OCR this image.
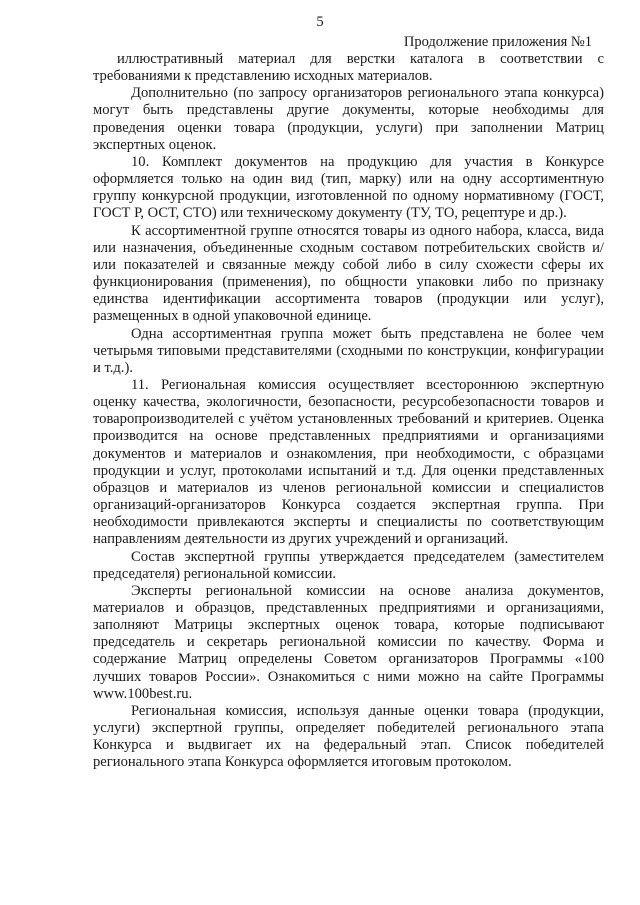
5
Продолжение приложения №1

иллюстративный материал для верстки каталога в соответствии с требованиями к представлению исходных материалов.

Дополнительно (по запросу организаторов регионального этапа конкурса) могут быть представлены другие документы, которые необходимы для проведения оценки товара (продукции, услуги) при заполнении Матриц экспертных оценок.

10. Комплект документов на продукцию для участия в Конкурсе оформляется только на один вид (тип, марку) или на одну ассортиментную группу конкурсной продукции, изготовленной по одному нормативному (ГОСТ, ГОСТ Р, ОСТ, СТО) или техническому документу (ТУ, ТО, рецептуре и др.).

К ассортиментной группе относятся товары из одного набора, класса, вида или назначения, объединенные сходным составом потребительских свойств и/или показателей и связанные между собой либо в силу схожести сферы их функционирования (применения), по общности упаковки либо по признаку единства идентификации ассортимента товаров (продукции или услуг), размещенных в одной упаковочной единице.

Одна ассортиментная группа может быть представлена не более чем четырьмя типовыми представителями (сходными по конструкции, конфигурации и т.д.).

11. Региональная комиссия осуществляет всестороннюю экспертную оценку качества, экологичности, безопасности, ресурсобезопасности товаров и товаропроизводителей с учётом установленных требований и критериев. Оценка производится на основе представленных предприятиями и организациями документов и материалов и ознакомления, при необходимости, с образцами продукции и услуг, протоколами испытаний и т.д. Для оценки представленных образцов и материалов из членов региональной комиссии и специалистов организаций-организаторов Конкурса создается экспертная группа. При необходимости привлекаются эксперты и специалисты по соответствующим направлениям деятельности из других учреждений и организаций.

Состав экспертной группы утверждается председателем (заместителем председателя) региональной комиссии.

Эксперты региональной комиссии на основе анализа документов, материалов и образцов, представленных предприятиями и организациями, заполняют Матрицы экспертных оценок товара, которые подписывают председатель и секретарь региональной комиссии по качеству. Форма и содержание Матриц определены Советом организаторов Программы «100 лучших товаров России». Ознакомиться с ними можно на сайте Программы www.100best.ru.

Региональная комиссия, используя данные оценки товара (продукции, услуги) экспертной группы, определяет победителей регионального этапа Конкурса и выдвигает их на федеральный этап. Список победителей регионального этапа Конкурса оформляется итоговым протоколом.
